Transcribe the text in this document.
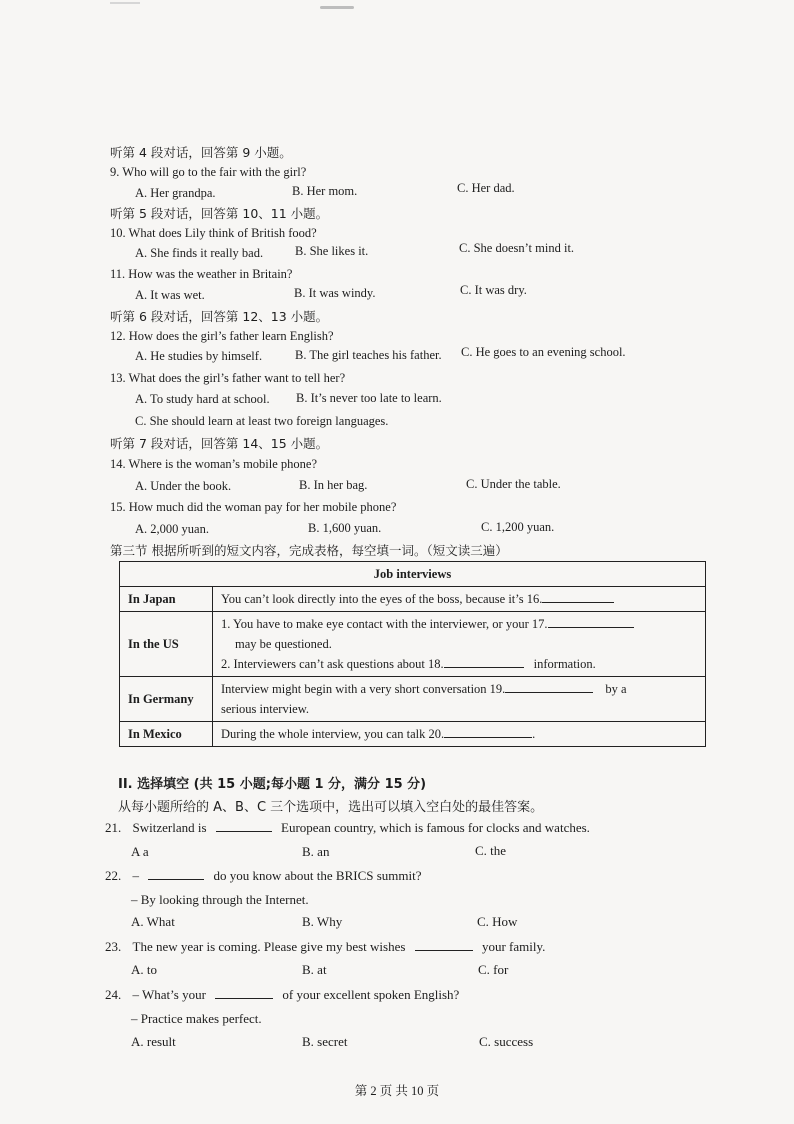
听第 4 段对话，回答第 9 小题。
9. Who will go to the fair with the girl?
A. Her grandpa.	B. Her mom.	C. Her dad.
听第 5 段对话，回答第 10、11 小题。
10. What does Lily think of British food?
A. She finds it really bad.	B. She likes it.	C. She doesn’t mind it.
11. How was the weather in Britain?
A. It was wet.	B. It was windy.	C. It was dry.
听第 6 段对话，回答第 12、13 小题。
12. How does the girl’s father learn English?
A. He studies by himself.	B. The girl teaches his father. C. He goes to an evening school.
13. What does the girl’s father want to tell her?
A. To study hard at school. B. It’s never too late to learn.
C. She should learn at least two foreign languages.
听第 7 段对话，回答第 14、15 小题。
14. Where is the woman’s mobile phone?
A. Under the book.	B. In her bag.	C. Under the table.
15. How much did the woman pay for her mobile phone?
A. 2,000 yuan.	B. 1,600 yuan.	C. 1,200 yuan.
第三节 根据所听到的短文内容，完成表格，每空填一词。（短文读三遍）
Job interviews	
In Japan	You can’t look directly into the eyes of the boss, because it’s 16.
In the US	1. You have to make eye contact with the interviewer, or your 17.
may be questioned.
2. Interviewers can’t ask questions about 18. information.

In Germany	Interview might begin with a very short conversation 19. by a
serious interview.

In Mexico	During the whole interview, you can talk 20. .
II. 选择填空 (共 15 小题;每小题 1 分，满分 15 分)
从每小题所给的 A、B、C 三个选项中，选出可以填入空白处的最佳答案。
21. Switzerland is	European country, which is famous for clocks and watches.
A a	B. an	C. the
22. –	do you know about the BRICS summit?
– By looking through the Internet.
A. What	B. Why	C. How
23. The new year is coming. Please give my best wishes	your family.
A. to	B. at	C. for
24. – What’s your	of your excellent spoken English?
– Practice makes perfect.
A. result	B. secret	C. success
第 2 页 共 10 页
